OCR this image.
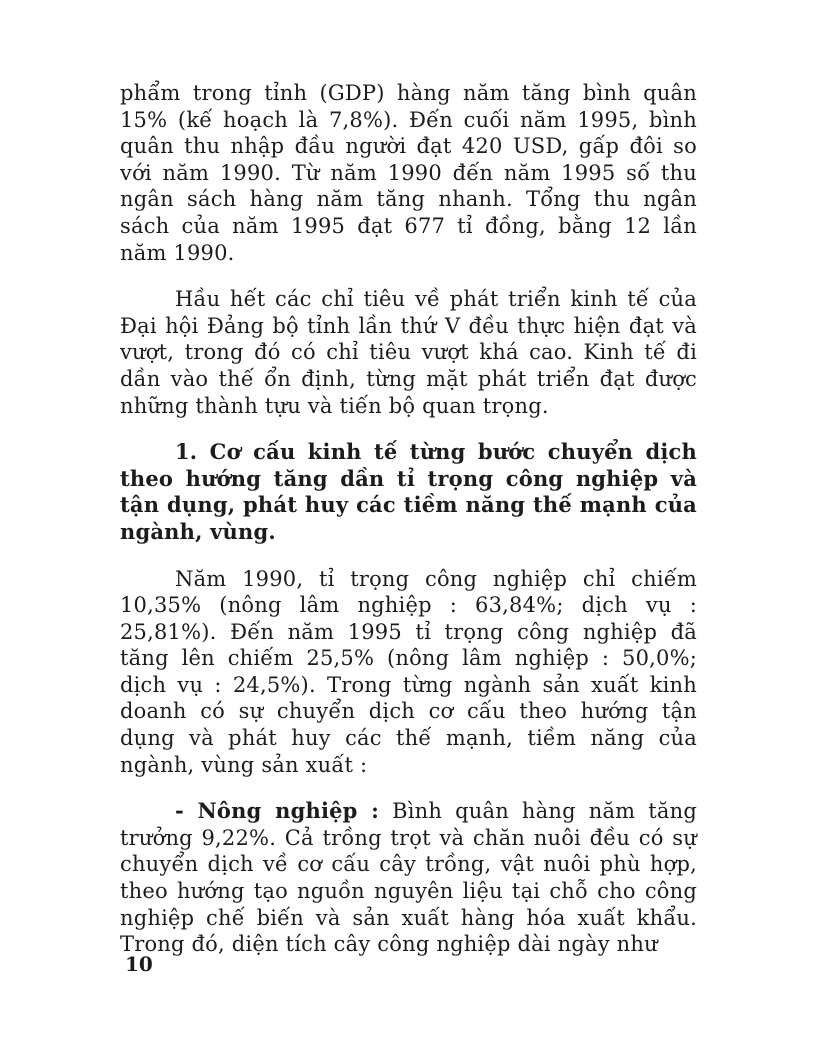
phẩm trong tỉnh (GDP) hàng năm tăng bình quân 15% (kế hoạch là 7,8%). Đến cuối năm 1995, bình quân thu nhập đầu người đạt 420 USD, gấp đôi so với năm 1990. Từ năm 1990 đến năm 1995 số thu ngân sách hàng năm tăng nhanh. Tổng thu ngân sách của năm 1995 đạt 677 tỉ đồng, bằng 12 lần năm 1990.

Hầu hết các chỉ tiêu về phát triển kinh tế của Đại hội Đảng bộ tỉnh lần thứ V đều thực hiện đạt và vượt, trong đó có chỉ tiêu vượt khá cao. Kinh tế đi dần vào thế ổn định, từng mặt phát triển đạt được những thành tựu và tiến bộ quan trọng.

1. Cơ cấu kinh tế từng bước chuyển dịch theo hướng tăng dần tỉ trọng công nghiệp và tận dụng, phát huy các tiềm năng thế mạnh của ngành, vùng.

Năm 1990, tỉ trọng công nghiệp chỉ chiếm 10,35% (nông lâm nghiệp : 63,84%; dịch vụ : 25,81%). Đến năm 1995 tỉ trọng công nghiệp đã tăng lên chiếm 25,5% (nông lâm nghiệp : 50,0%; dịch vụ : 24,5%). Trong từng ngành sản xuất kinh doanh có sự chuyển dịch cơ cấu theo hướng tận dụng và phát huy các thế mạnh, tiềm năng của ngành, vùng sản xuất :

- Nông nghiệp : Bình quân hàng năm tăng trưởng 9,22%. Cả trồng trọt và chăn nuôi đều có sự chuyển dịch về cơ cấu cây trồng, vật nuôi phù hợp, theo hướng tạo nguồn nguyên liệu tại chỗ cho công nghiệp chế biến và sản xuất hàng hóa xuất khẩu. Trong đó, diện tích cây công nghiệp dài ngày như

10
